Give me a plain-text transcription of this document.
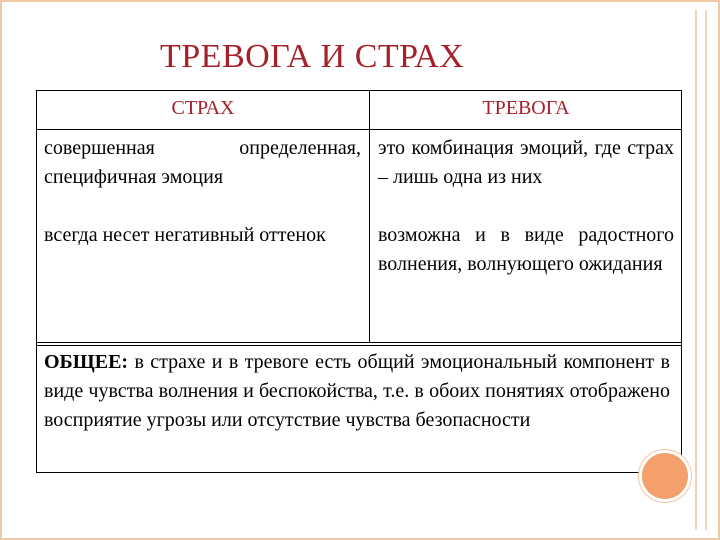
ТРЕВОГА И СТРАХ
СТРАХ	ТРЕВОГА
совершенная определенная, специфичная эмоция
это комбинация эмоций, где страх – лишь одна из них
всегда несет негативный оттенок	возможна и в виде радостного волнения, волнующего ожидания
ОБЩЕЕ: в страхе и в тревоге есть общий эмоциональный компонент в виде чувства волнения и беспокойства, т.е. в обоих понятиях отображено восприятие угрозы или отсутствие чувства безопасности
